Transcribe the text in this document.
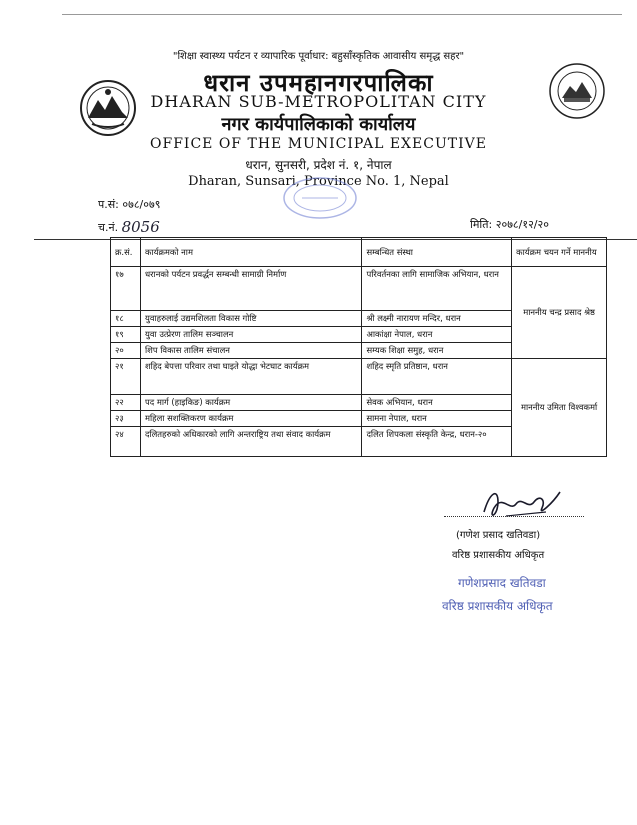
"शिक्षा स्वास्थ्य पर्यटन र व्यापारिक पूर्वाधार: बहुसाँस्कृतिक आवासीय समृद्ध सहर"
धरान उपमहानगरपालिका
DHARAN SUB-METROPOLITAN CITY
नगर कार्यपालिकाको कार्यालय
OFFICE OF THE MUNICIPAL EXECUTIVE
धरान, सुनसरी, प्रदेश नं. १, नेपाल
Dharan, Sunsari, Province No. 1, Nepal
प.सं: ०७८/०७९
च.नं. 8056	मिति: २०७८/१२/२०
क्र.सं.	कार्यक्रमको नाम	सम्बन्धित संस्था	कार्यक्रम चयन गर्ने माननीय
१७	धरानको पर्यटन प्रवर्द्धन सम्बन्धी सामाग्री निर्माण	परिवर्तनका लागि सामाजिक अभियान, धरान	माननीय चन्द्र प्रसाद श्रेष्ठ
१८	युवाहरुलाई उद्यमशिलता विकास गोष्टि	श्री लक्ष्मी नारायण मन्दिर, धरान	
१९	युवा उत्प्रेरण तालिम सञ्चालन	आकांक्षा नेपाल, धरान	
२०	शिप विकास तालिम संचालन	सम्यक शिक्षा समुह, धरान	
२१	शहिद बेपत्ता परिवार तथा घाइते योद्धा भेटघाट कार्यक्रम	शहिद स्मृति प्रतिष्ठान, धरान	माननीय उमिता विश्वकर्मा
२२	पद मार्ग (हाइकिङ) कार्यक्रम	सेवक अभियान, धरान	
२३	महिला सशक्तिकरण कार्यक्रम	सामना नेपाल, धरान	
२४	दलितहरुको अधिकारको लागि अन्तराष्ट्रिय तथा संवाद कार्यक्रम	दलित शिपकला संस्कृति केन्द्र, धरान-२०	
(गणेश प्रसाद खतिवडा)
वरिष्ठ प्रशासकीय अधिकृत
गणेशप्रसाद खतिवडा
वरिष्ठ प्रशासकीय अधिकृत
